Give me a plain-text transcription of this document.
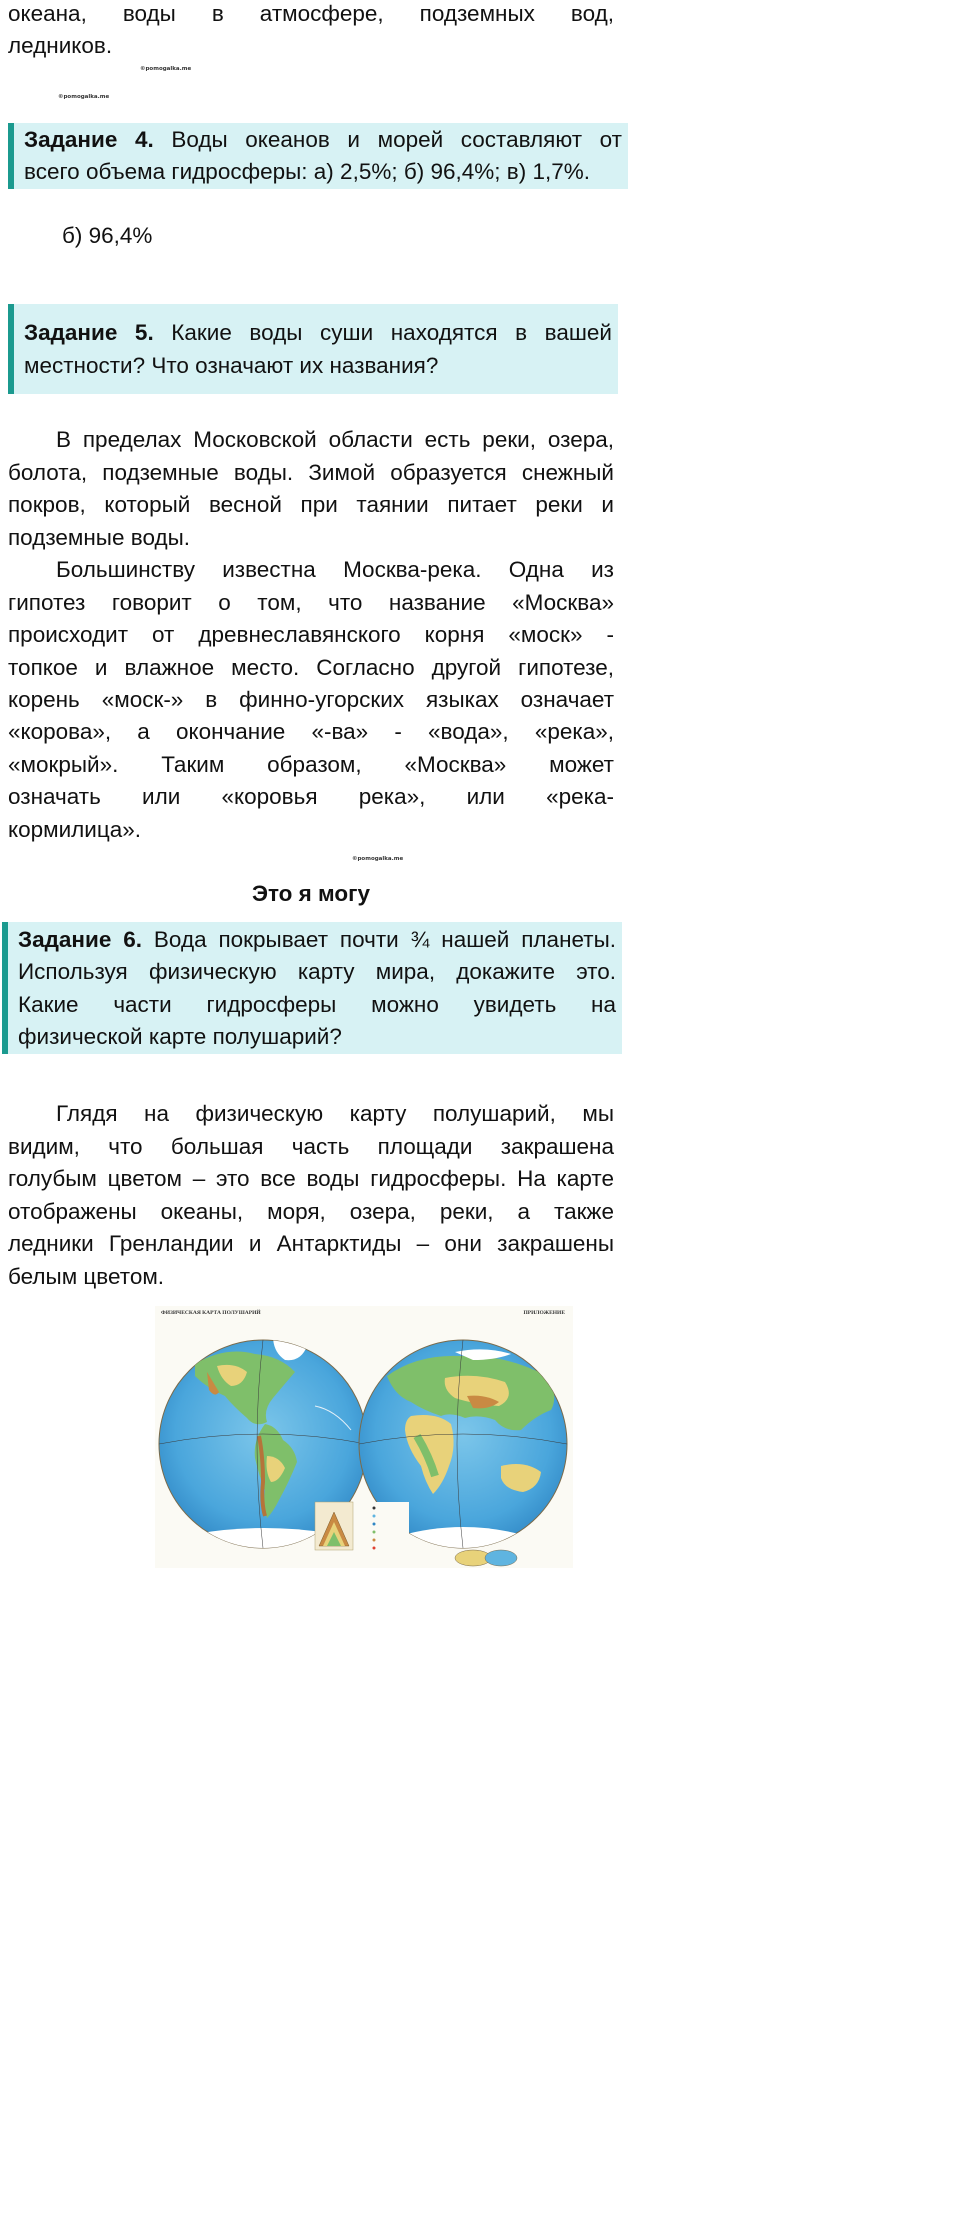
океана, воды в атмосфере, подземных вод,
ледников.
©pomogalka.me
©pomogalka.me
Задание 4. Воды океанов и морей составляют от
всего объема гидросферы: а) 2,5%; б) 96,4%; в) 1,7%.
б) 96,4%
Задание 5. Какие воды суши находятся в вашей
местности? Что означают их названия?
В пределах Московской области есть реки, озера,
болота, подземные воды. Зимой образуется снежный
покров, который весной при таянии питает реки и
подземные воды.
Большинству известна Москва-река. Одна из
гипотез говорит о том, что название «Москва»
происходит от древнеславянского корня «моск» -
топкое и влажное место. Согласно другой гипотезе,
корень «моск-» в финно-угорских языках означает
«корова», а окончание «-ва» - «вода», «река»,
«мокрый». Таким образом, «Москва» может
означать или «коровья река», или «река-
кормилица».
©pomogalka.me
Это я могу
Задание 6. Вода покрывает почти ¾ нашей планеты.
Используя физическую карту мира, докажите это.
Какие части гидросферы можно увидеть на
физической карте полушарий?
Глядя на физическую карту полушарий, мы
видим, что большая часть площади закрашена
голубым цветом – это все воды гидросферы. На карте
отображены океаны, моря, озера, реки, а также
ледники Гренландии и Антарктиды – они закрашены
белым цветом.
ФИЗИЧЕСКАЯ КАРТА ПОЛУШАРИЙ	ПРИЛОЖЕНИЕ
